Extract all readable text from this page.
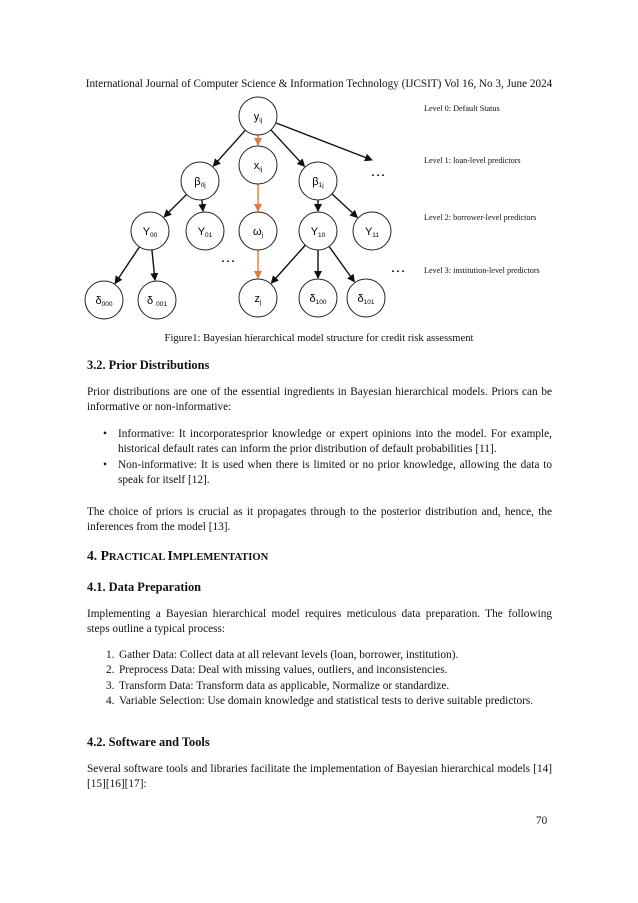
International Journal of Computer Science & Information Technology (IJCSIT) Vol 16, No 3, June 2024
yij
xij
β0j	β1j
Y00	Y01	ωj	Y10	Y11
δ000	δ 001	zj	δ100	δ101
…
…
…
Level 0: Default Status
Level 1: loan-level predictors
Level 2: borrower-level predictors
Level 3: institution-level predictors
Figure1: Bayesian hierarchical model structure for credit risk assessment
3.2. Prior Distributions
Prior distributions are one of the essential ingredients in Bayesian hierarchical models. Priors can be informative or non-informative:
• Informative: It incorporatesprior knowledge or expert opinions into the model. For example, historical default rates can inform the prior distribution of default probabilities [11].
• Non-informative: It is used when there is limited or no prior knowledge, allowing the data to speak for itself [12].
The choice of priors is crucial as it propagates through to the posterior distribution and, hence, the inferences from the model [13].
4. PRACTICAL IMPLEMENTATION
4.1. Data Preparation
Implementing a Bayesian hierarchical model requires meticulous data preparation. The following steps outline a typical process:
1. Gather Data: Collect data at all relevant levels (loan, borrower, institution).
2. Preprocess Data: Deal with missing values, outliers, and inconsistencies.
3. Transform Data: Transform data as applicable, Normalize or standardize.
4. Variable Selection: Use domain knowledge and statistical tests to derive suitable predictors.
4.2. Software and Tools
Several software tools and libraries facilitate the implementation of Bayesian hierarchical models [14][15][16][17]:
70
